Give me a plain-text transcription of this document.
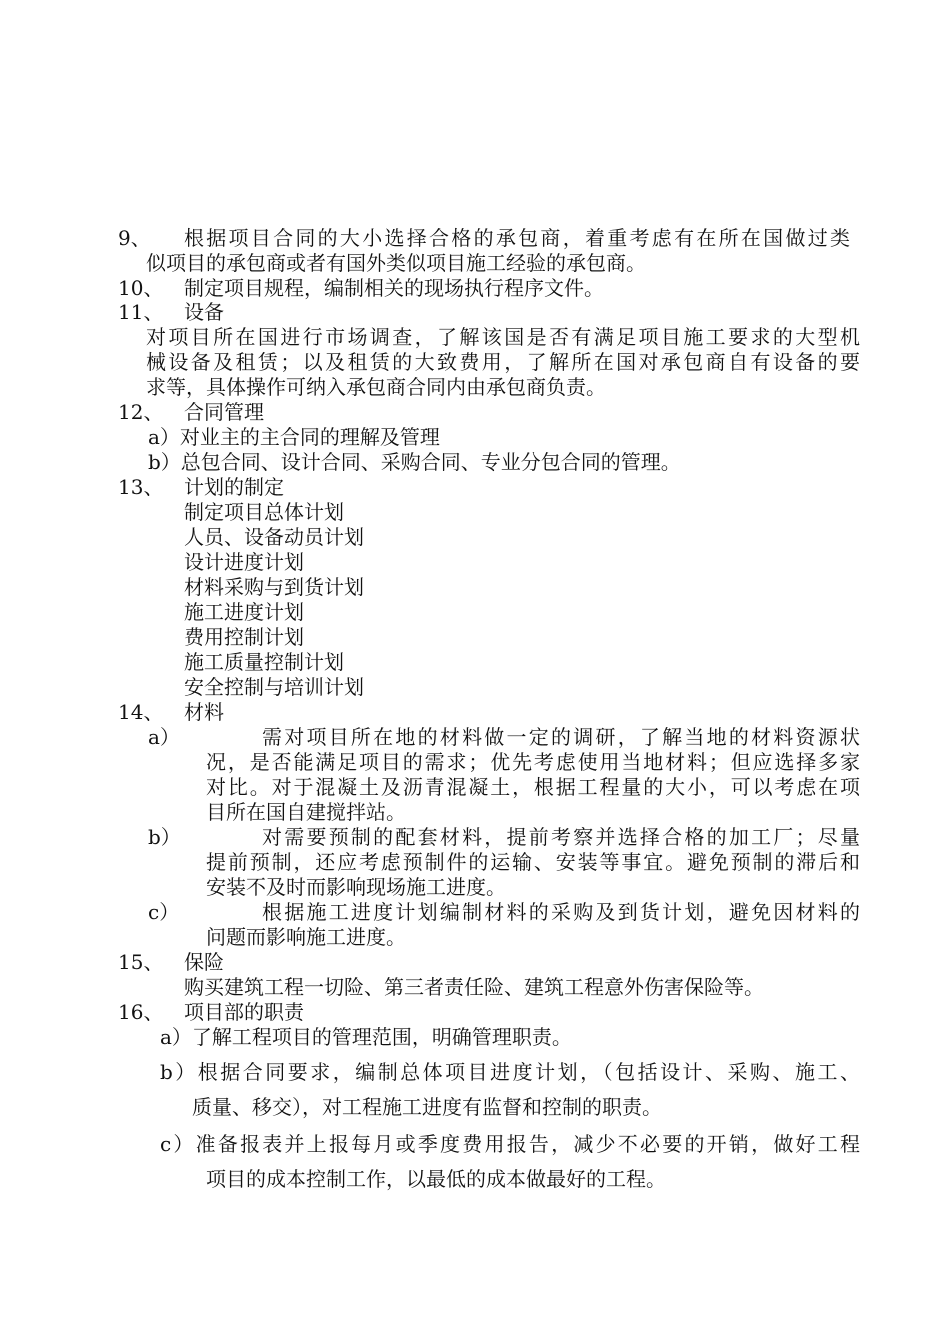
9、 根据项目合同的大小选择合格的承包商，着重考虑有在所在国做过类
似项目的承包商或者有国外类似项目施工经验的承包商。
10、 制定项目规程，编制相关的现场执行程序文件。
11、 设备
对项目所在国进行市场调查，了解该国是否有满足项目施工要求的大型机
械设备及租赁；以及租赁的大致费用，了解所在国对承包商自有设备的要
求等，具体操作可纳入承包商合同内由承包商负责。
12、 合同管理
a）对业主的主合同的理解及管理
b）总包合同、设计合同、采购合同、专业分包合同的管理。
13、 计划的制定
制定项目总体计划
人员、设备动员计划
设计进度计划
材料采购与到货计划
施工进度计划
费用控制计划
施工质量控制计划
安全控制与培训计划
14、 材料
a）	需对项目所在地的材料做一定的调研，了解当地的材料资源状
况，是否能满足项目的需求；优先考虑使用当地材料；但应选择多家
对比。对于混凝土及沥青混凝土，根据工程量的大小，可以考虑在项
目所在国自建搅拌站。
b）	对需要预制的配套材料，提前考察并选择合格的加工厂；尽量
提前预制，还应考虑预制件的运输、安装等事宜。避免预制的滞后和
安装不及时而影响现场施工进度。
c）	根据施工进度计划编制材料的采购及到货计划，避免因材料的
问题而影响施工进度。
15、 保险
购买建筑工程一切险、第三者责任险、建筑工程意外伤害保险等。
16、 项目部的职责
a）了解工程项目的管理范围，明确管理职责。
b）根据合同要求，编制总体项目进度计划，（包括设计、采购、施工、
质量、移交），对工程施工进度有监督和控制的职责。
c）准备报表并上报每月或季度费用报告，减少不必要的开销，做好工程
项目的成本控制工作，以最低的成本做最好的工程。
